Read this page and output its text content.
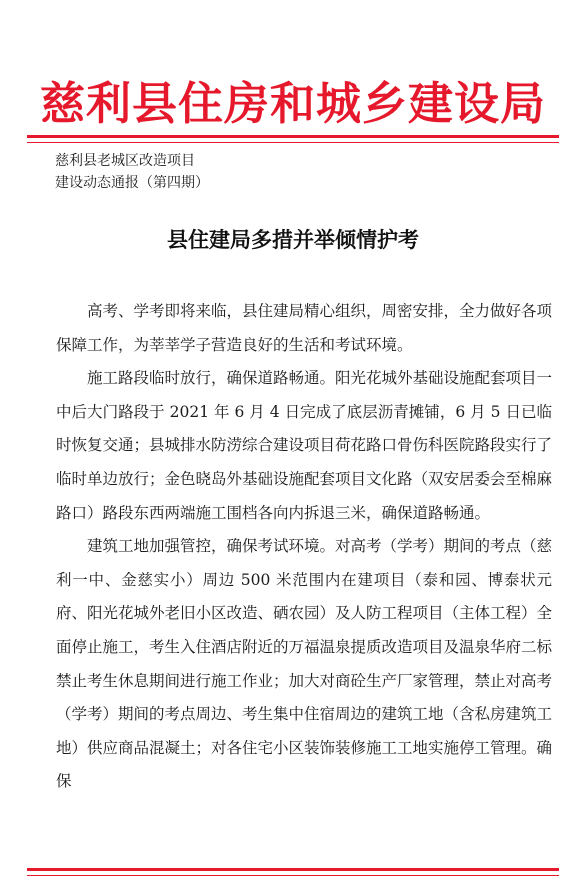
慈利县住房和城乡建设局
慈利县老城区改造项目
建设动态通报（第四期）
县住建局多措并举倾情护考

高考、学考即将来临，县住建局精心组织，周密安排，全力做好各项保障工作，为莘莘学子营造良好的生活和考试环境。

施工路段临时放行，确保道路畅通。阳光花城外基础设施配套项目一中后大门路段于 2021 年 6 月 4 日完成了底层沥青摊铺，6 月 5 日已临时恢复交通；县城排水防涝综合建设项目荷花路口骨伤科医院路段实行了临时单边放行；金色晓岛外基础设施配套项目文化路（双安居委会至棉麻路口）路段东西两端施工围档各向内拆退三米，确保道路畅通。

建筑工地加强管控，确保考试环境。对高考（学考）期间的考点（慈利一中、金慈实小）周边 500 米范围内在建项目（泰和园、博泰状元府、阳光花城外老旧小区改造、硒农园）及人防工程项目（主体工程）全面停止施工，考生入住酒店附近的万福温泉提质改造项目及温泉华府二标禁止考生休息期间进行施工作业；加大对商砼生产厂家管理，禁止对高考（学考）期间的考点周边、考生集中住宿周边的建筑工地（含私房建筑工地）供应商品混凝土；对各住宅小区装饰装修施工工地实施停工管理。确保
